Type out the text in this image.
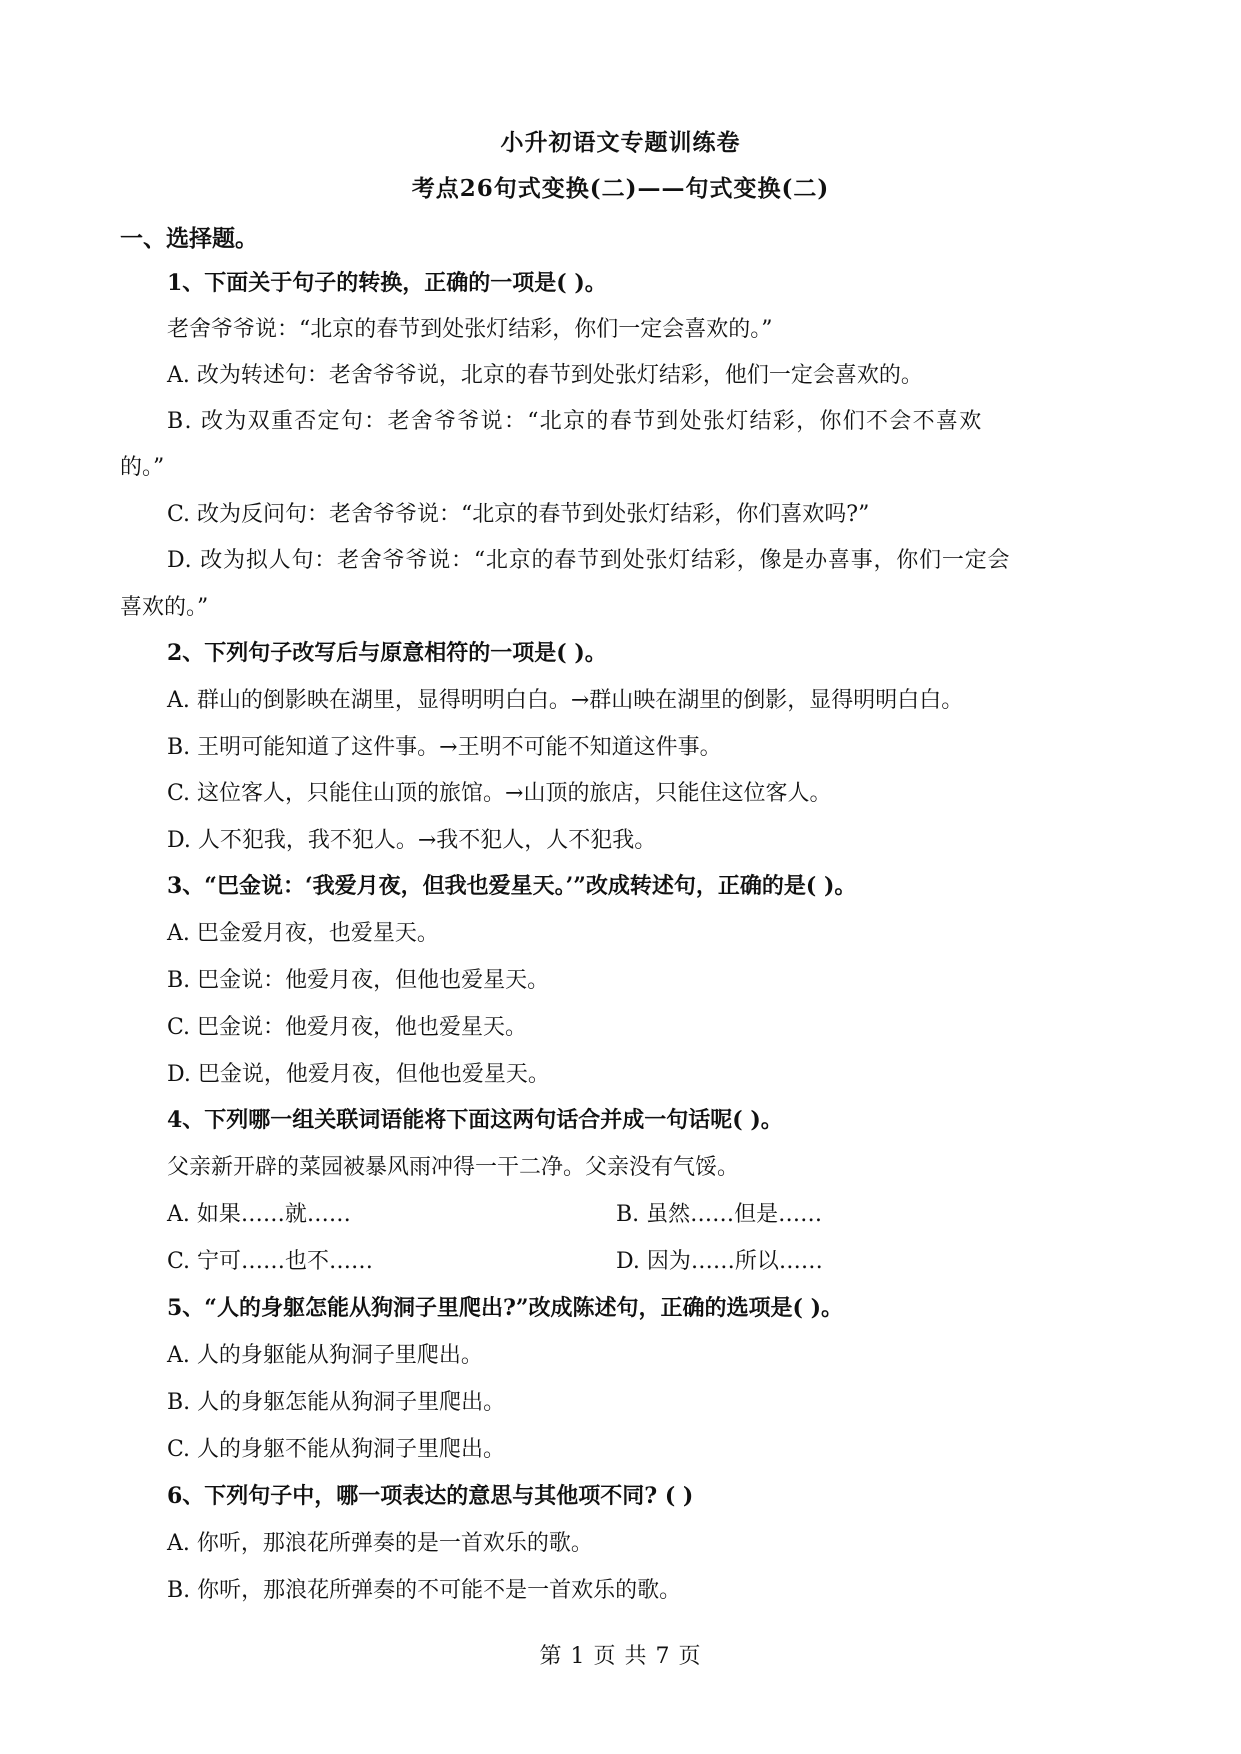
小升初语文专题训练卷
考点26句式变换(二)——句式变换(二)
一、选择题。
1、下面关于句子的转换，正确的一项是( )。
老舍爷爷说：“北京的春节到处张灯结彩，你们一定会喜欢的。”
A. 改为转述句：老舍爷爷说，北京的春节到处张灯结彩，他们一定会喜欢的。
B. 改为双重否定句：老舍爷爷说：“北京的春节到处张灯结彩，你们不会不喜欢
的。”
C. 改为反问句：老舍爷爷说：“北京的春节到处张灯结彩，你们喜欢吗?”
D. 改为拟人句：老舍爷爷说：“北京的春节到处张灯结彩，像是办喜事，你们一定会
喜欢的。”
2、下列句子改写后与原意相符的一项是( )。
A. 群山的倒影映在湖里，显得明明白白。→群山映在湖里的倒影，显得明明白白。
B. 王明可能知道了这件事。→王明不可能不知道这件事。
C. 这位客人，只能住山顶的旅馆。→山顶的旅店，只能住这位客人。
D. 人不犯我，我不犯人。→我不犯人，人不犯我。
3、“巴金说：‘我爱月夜，但我也爱星天。’”改成转述句，正确的是( )。
A. 巴金爱月夜，也爱星天。
B. 巴金说：他爱月夜，但他也爱星天。
C. 巴金说：他爱月夜，他也爱星天。
D. 巴金说，他爱月夜，但他也爱星天。
4、下列哪一组关联词语能将下面这两句话合并成一句话呢( )。
父亲新开辟的菜园被暴风雨冲得一干二净。父亲没有气馁。
A. 如果……就……	B. 虽然……但是……
C. 宁可……也不……	D. 因为……所以……
5、“人的身躯怎能从狗洞子里爬出?”改成陈述句，正确的选项是( )。
A. 人的身躯能从狗洞子里爬出。
B. 人的身躯怎能从狗洞子里爬出。
C. 人的身躯不能从狗洞子里爬出。
6、下列句子中，哪一项表达的意思与其他项不同? ( )
A. 你听，那浪花所弹奏的是一首欢乐的歌。
B. 你听，那浪花所弹奏的不可能不是一首欢乐的歌。
第 1 页 共 7 页
